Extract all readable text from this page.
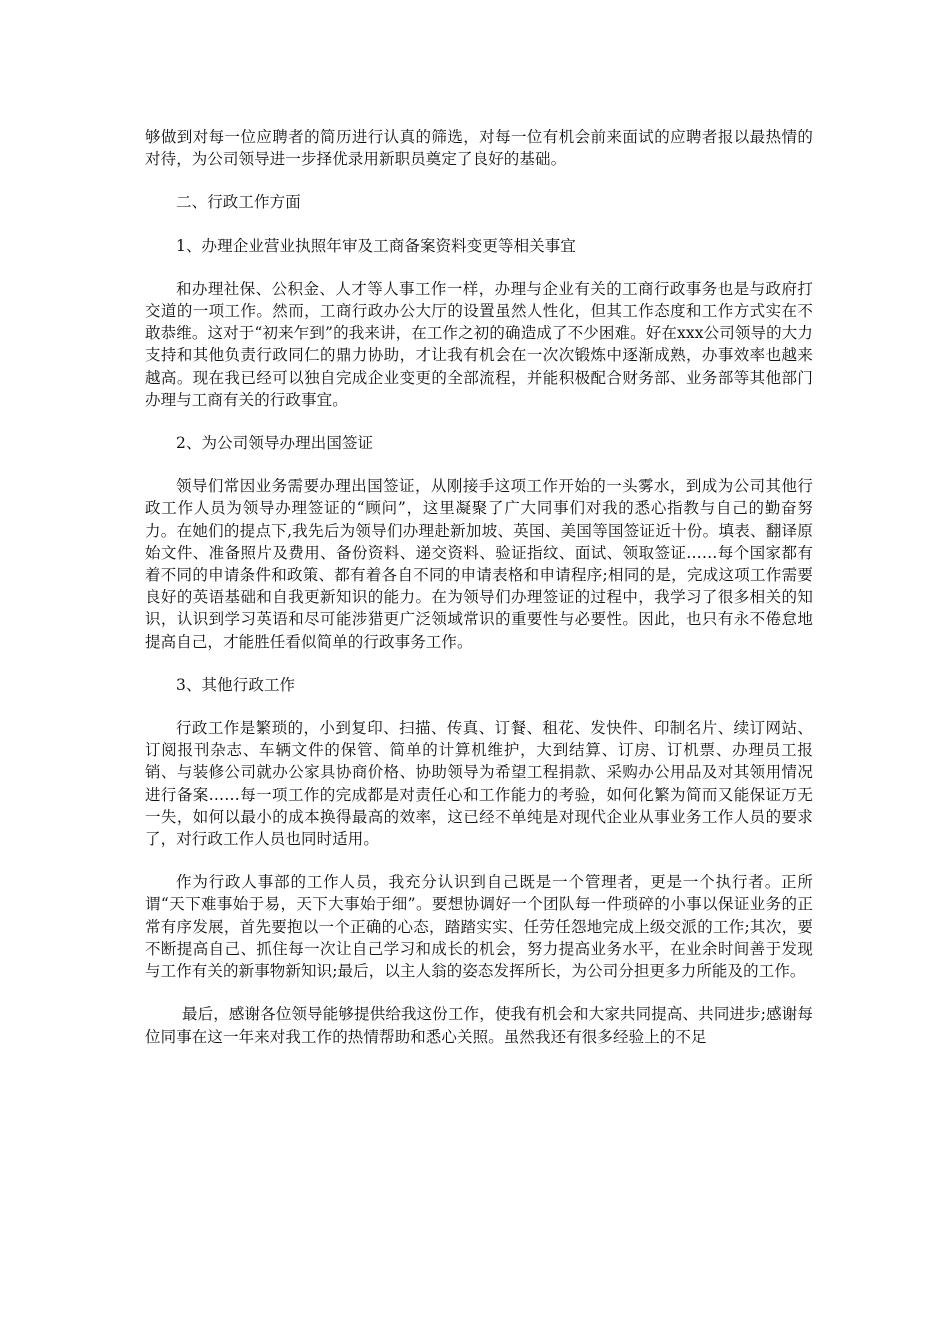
够做到对每一位应聘者的简历进行认真的筛选，对每一位有机会前来面试的应聘者报以最热情的对待，为公司领导进一步择优录用新职员奠定了良好的基础。

二、行政工作方面

1、办理企业营业执照年审及工商备案资料变更等相关事宜

和办理社保、公积金、人才等人事工作一样，办理与企业有关的工商行政事务也是与政府打交道的一项工作。然而，工商行政办公大厅的设置虽然人性化，但其工作态度和工作方式实在不敢恭维。这对于“初来乍到”的我来讲，在工作之初的确造成了不少困难。好在xxx公司领导的大力支持和其他负责行政同仁的鼎力协助，才让我有机会在一次次锻炼中逐渐成熟，办事效率也越来越高。现在我已经可以独自完成企业变更的全部流程，并能积极配合财务部、业务部等其他部门办理与工商有关的行政事宜。

2、为公司领导办理出国签证

领导们常因业务需要办理出国签证，从刚接手这项工作开始的一头雾水，到成为公司其他行政工作人员为领导办理签证的“顾问”，这里凝聚了广大同事们对我的悉心指教与自己的勤奋努力。在她们的提点下,我先后为领导们办理赴新加坡、英国、美国等国签证近十份。填表、翻译原始文件、准备照片及费用、备份资料、递交资料、验证指纹、面试、领取签证……每个国家都有着不同的申请条件和政策、都有着各自不同的申请表格和申请程序;相同的是，完成这项工作需要良好的英语基础和自我更新知识的能力。在为领导们办理签证的过程中，我学习了很多相关的知识，认识到学习英语和尽可能涉猎更广泛领域常识的重要性与必要性。因此，也只有永不倦怠地提高自己，才能胜任看似简单的行政事务工作。

3、其他行政工作

行政工作是繁琐的，小到复印、扫描、传真、订餐、租花、发快件、印制名片、续订网站、订阅报刊杂志、车辆文件的保管、简单的计算机维护，大到结算、订房、订机票、办理员工报销、与装修公司就办公家具协商价格、协助领导为希望工程捐款、采购办公用品及对其领用情况进行备案……每一项工作的完成都是对责任心和工作能力的考验，如何化繁为简而又能保证万无一失，如何以最小的成本换得最高的效率，这已经不单纯是对现代企业从事业务工作人员的要求了，对行政工作人员也同时适用。

作为行政人事部的工作人员，我充分认识到自己既是一个管理者，更是一个执行者。正所谓“天下难事始于易，天下大事始于细”。要想协调好一个团队每一件琐碎的小事以保证业务的正常有序发展，首先要抱以一个正确的心态，踏踏实实、任劳任怨地完成上级交派的工作;其次，要不断提高自己、抓住每一次让自己学习和成长的机会，努力提高业务水平，在业余时间善于发现与工作有关的新事物新知识;最后，以主人翁的姿态发挥所长，为公司分担更多力所能及的工作。

最后，感谢各位领导能够提供给我这份工作，使我有机会和大家共同提高、共同进步;感谢每位同事在这一年来对我工作的热情帮助和悉心关照。虽然我还有很多经验上的不足
